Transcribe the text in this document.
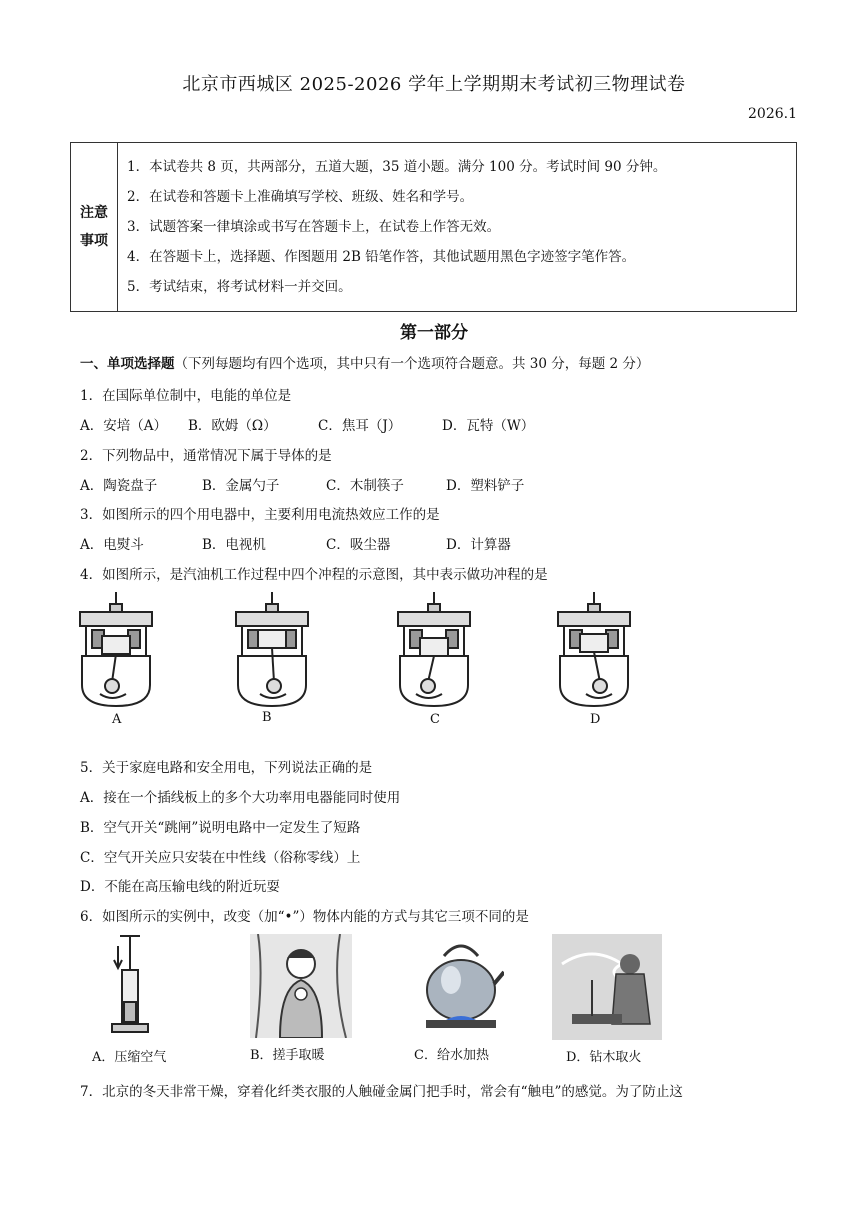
北京市西城区 2025-2026 学年上学期期末考试初三物理试卷
2026.1
注意
事项
1．本试卷共 8 页，共两部分，五道大题，35 道小题。满分 100 分。考试时间 90 分钟。
2．在试卷和答题卡上准确填写学校、班级、姓名和学号。
3．试题答案一律填涂或书写在答题卡上，在试卷上作答无效。
4．在答题卡上，选择题、作图题用 2B 铅笔作答，其他试题用黑色字迹签字笔作答。
5．考试结束，将考试材料一并交回。
第一部分
一、单项选择题（下列每题均有四个选项，其中只有一个选项符合题意。共 30 分，每题 2 分）
1．在国际单位制中，电能的单位是
A．安培（A） B．欧姆（Ω）	C．焦耳（J）	D．瓦特（W）
2．下列物品中，通常情况下属于导体的是
A．陶瓷盘子	B．金属勺子	C．木制筷子	D．塑料铲子
3．如图所示的四个用电器中，主要利用电流热效应工作的是
A．电熨斗	B．电视机	C．吸尘器	D．计算器
4．如图所示，是汽油机工作过程中四个冲程的示意图，其中表示做功冲程的是
A	B	C	D
5．关于家庭电路和安全用电，下列说法正确的是
A．接在一个插线板上的多个大功率用电器能同时使用
B．空气开关“跳闸”说明电路中一定发生了短路
C．空气开关应只安装在中性线（俗称零线）上
D．不能在高压输电线的附近玩耍
6．如图所示的实例中，改变（加“•”）物体内能的方式与其它三项不同的是
A．压缩空气	B．搓手取暖	C．给水加热	D．钻木取火
7．北京的冬天非常干燥，穿着化纤类衣服的人触碰金属门把手时，常会有“触电”的感觉。为了防止这
